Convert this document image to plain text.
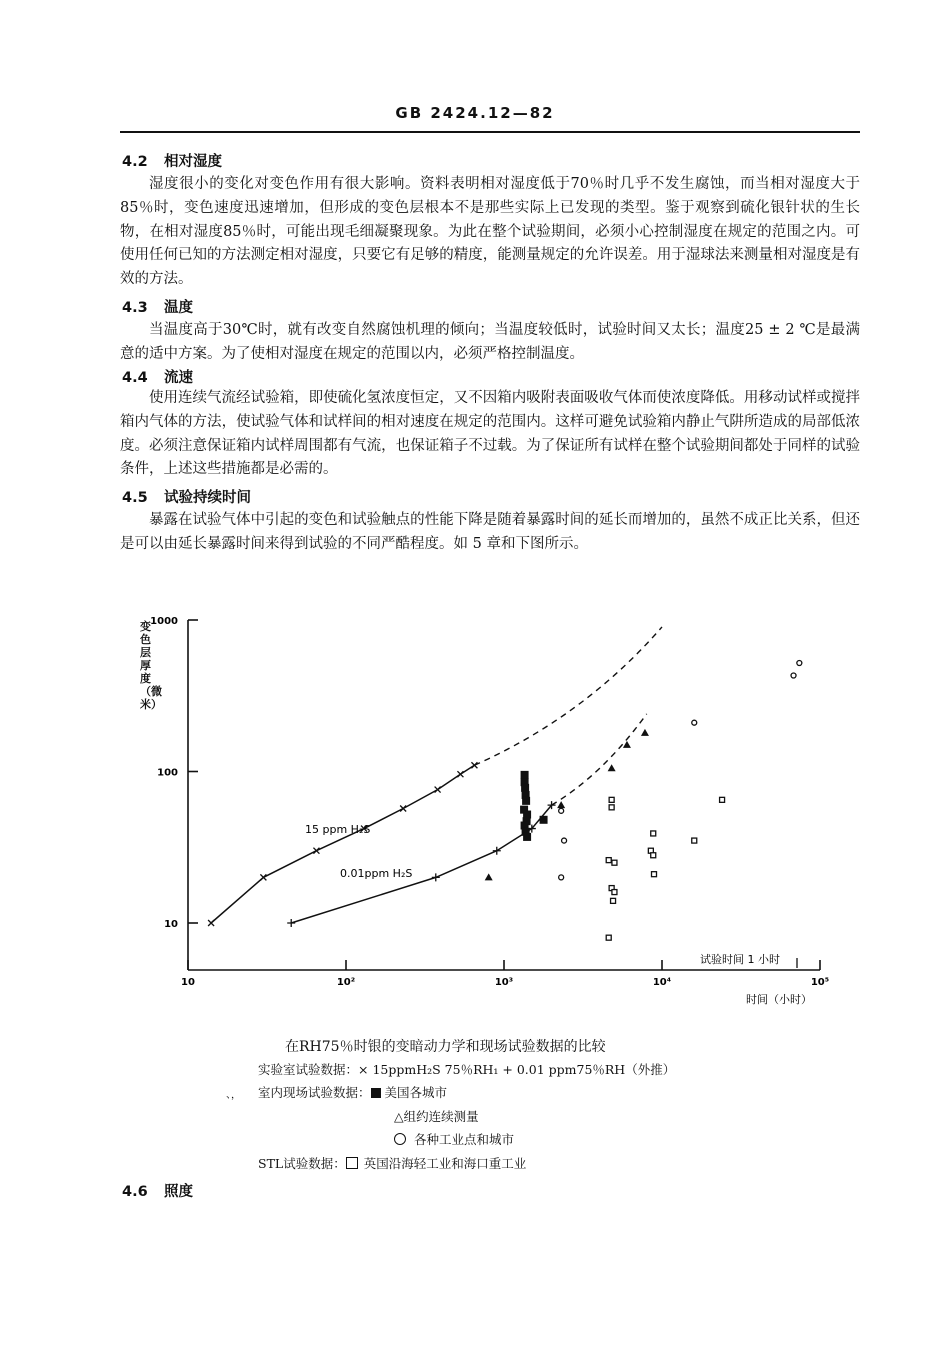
GB 2424.12—82
4.2 相对湿度

湿度很小的变化对变色作用有很大影响。资料表明相对湿度低于70％时几乎不发生腐蚀，而当相对湿度大于85％时，变色速度迅速增加，但形成的变色层根本不是那些实际上已发现的类型。鉴于观察到硫化银针状的生长物，在相对湿度85％时，可能出现毛细凝聚现象。为此在整个试验期间，必须小心控制湿度在规定的范围之内。可使用任何已知的方法测定相对湿度，只要它有足够的精度，能测量规定的允许误差。用于湿球法来测量相对湿度是有效的方法。

4.3 温度

当温度高于30℃时，就有改变自然腐蚀机理的倾向；当温度较低时，试验时间又太长；温度25 ± 2 ℃是最满意的适中方案。为了使相对湿度在规定的范围以内，必须严格控制温度。

4.4 流速

使用连续气流经试验箱，即使硫化氢浓度恒定，又不因箱内吸附表面吸收气体而使浓度降低。用移动试样或搅拌箱内气体的方法，使试验气体和试样间的相对速度在规定的范围内。这样可避免试验箱内静止气阱所造成的局部低浓度。必须注意保证箱内试样周围都有气流，也保证箱子不过载。为了保证所有试样在整个试验期间都处于同样的试验条件，上述这些措施都是必需的。

4.5 试验持续时间

暴露在试验气体中引起的变色和试验触点的性能下降是随着暴露时间的延长而增加的，虽然不成正比关系，但还是可以由延长暴露时间来得到试验的不同严酷程度。如 5 章和下图所示。

10	10²	10³	10⁴	10⁵
10
100
1000
15 ppm H₂S
0.01ppm H₂S
试验时间 1 小时
时间（小时）
变色层厚度（微米）
在RH75％时银的变暗动力学和现场试验数据的比较
实验室试验数据：× 15ppmH₂S 75％RH₁ + 0.01 ppm75％RH（外推）
、， 室内现场试验数据： 美国各城市
△组约连续测量
各种工业点和城市
STL试验数据： 英国沿海轻工业和海口重工业
4.6 照度
